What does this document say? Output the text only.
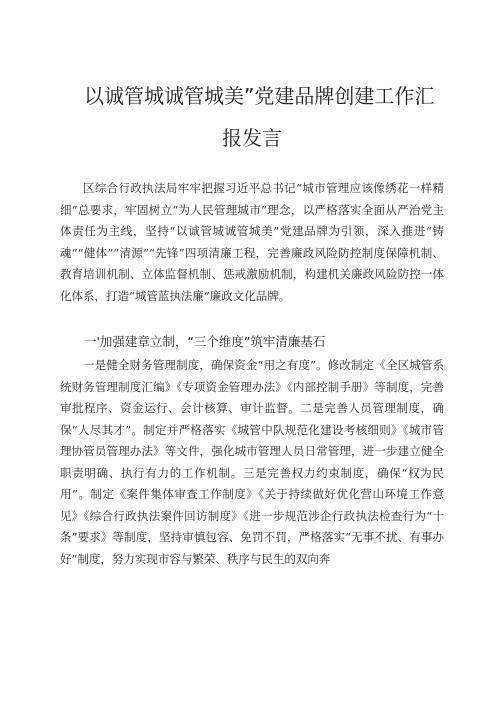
以诚管城诚管城美”党建品牌创建工作汇
报发言

区综合行政执法局牢牢把握习近平总书记“城市管理应该像绣花一样精细”总要求，牢固树立“为人民管理城市”理念，以严格落实全面从严治党主体责任为主线，坚持“以诚管城诚管城美”党建品牌为引领，深入推进“铸魂”“健体”“清源”“先锋”四项清廉工程，完善廉政风险防控制度保障机制、教育培训机制、立体监督机制、惩戒激励机制，构建机关廉政风险防控一体化体系，打造“城管蓝执法廉”廉政文化品牌。

一'加强建章立制，“三个维度”筑牢清廉基石

一是健全财务管理制度，确保资金“用之有度”。修改制定《全区城管系统财务管理制度汇编》《专项资金管理办法》《内部控制手册》等制度，完善审批程序、资金运行、会计核算、审计监督。二是完善人员管理制度，确保“人尽其才”。制定并严格落实《城管中队规范化建设考核细则》《城市管理协管员管理办法》等文件，强化城市管理人员日常管理，进一步建立健全职责明确、执行有力的工作机制。三是完善权力约束制度，确保“权为民用”。制定《案件集体审查工作制度》《关于持续做好优化营山环境工作意见》《综合行政执法案件回访制度》《进一步规范涉企行政执法检查行为“十条”要求》等制度，坚持审慎包容、免罚不罚，严格落实“无事不扰、有事办好”制度，努力实现市容与繁荣、秩序与民生的双向奔
